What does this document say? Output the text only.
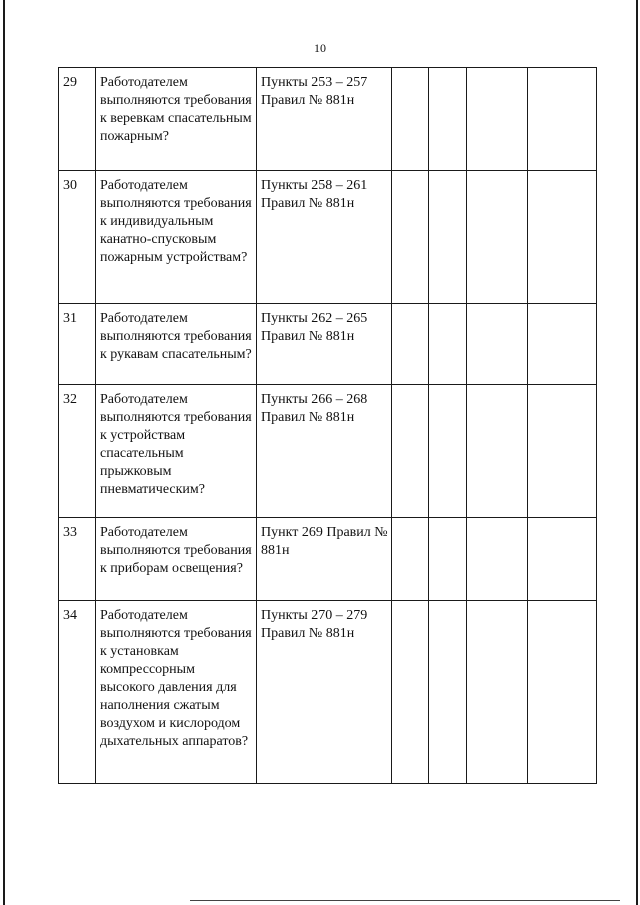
10
29	Работодателем выполняются требования к веревкам спасательным пожарным?	Пункты 253 – 257 Правил № 881н				
30	Работодателем выполняются требования к индивидуальным канатно-спусковым пожарным устройствам?	Пункты 258 – 261 Правил № 881н				
31	Работодателем выполняются требования к рукавам спасательным?	Пункты 262 – 265 Правил № 881н				
32	Работодателем выполняются требования к устройствам спасательным прыжковым пневматическим?	Пункты 266 – 268 Правил № 881н				
33	Работодателем выполняются требования к приборам освещения?	Пункт 269 Правил № 881н				
34	Работодателем выполняются требования к установкам компрессорным высокого давления для наполнения сжатым воздухом и кислородом дыхательных аппаратов?	Пункты 270 – 279 Правил № 881н				
